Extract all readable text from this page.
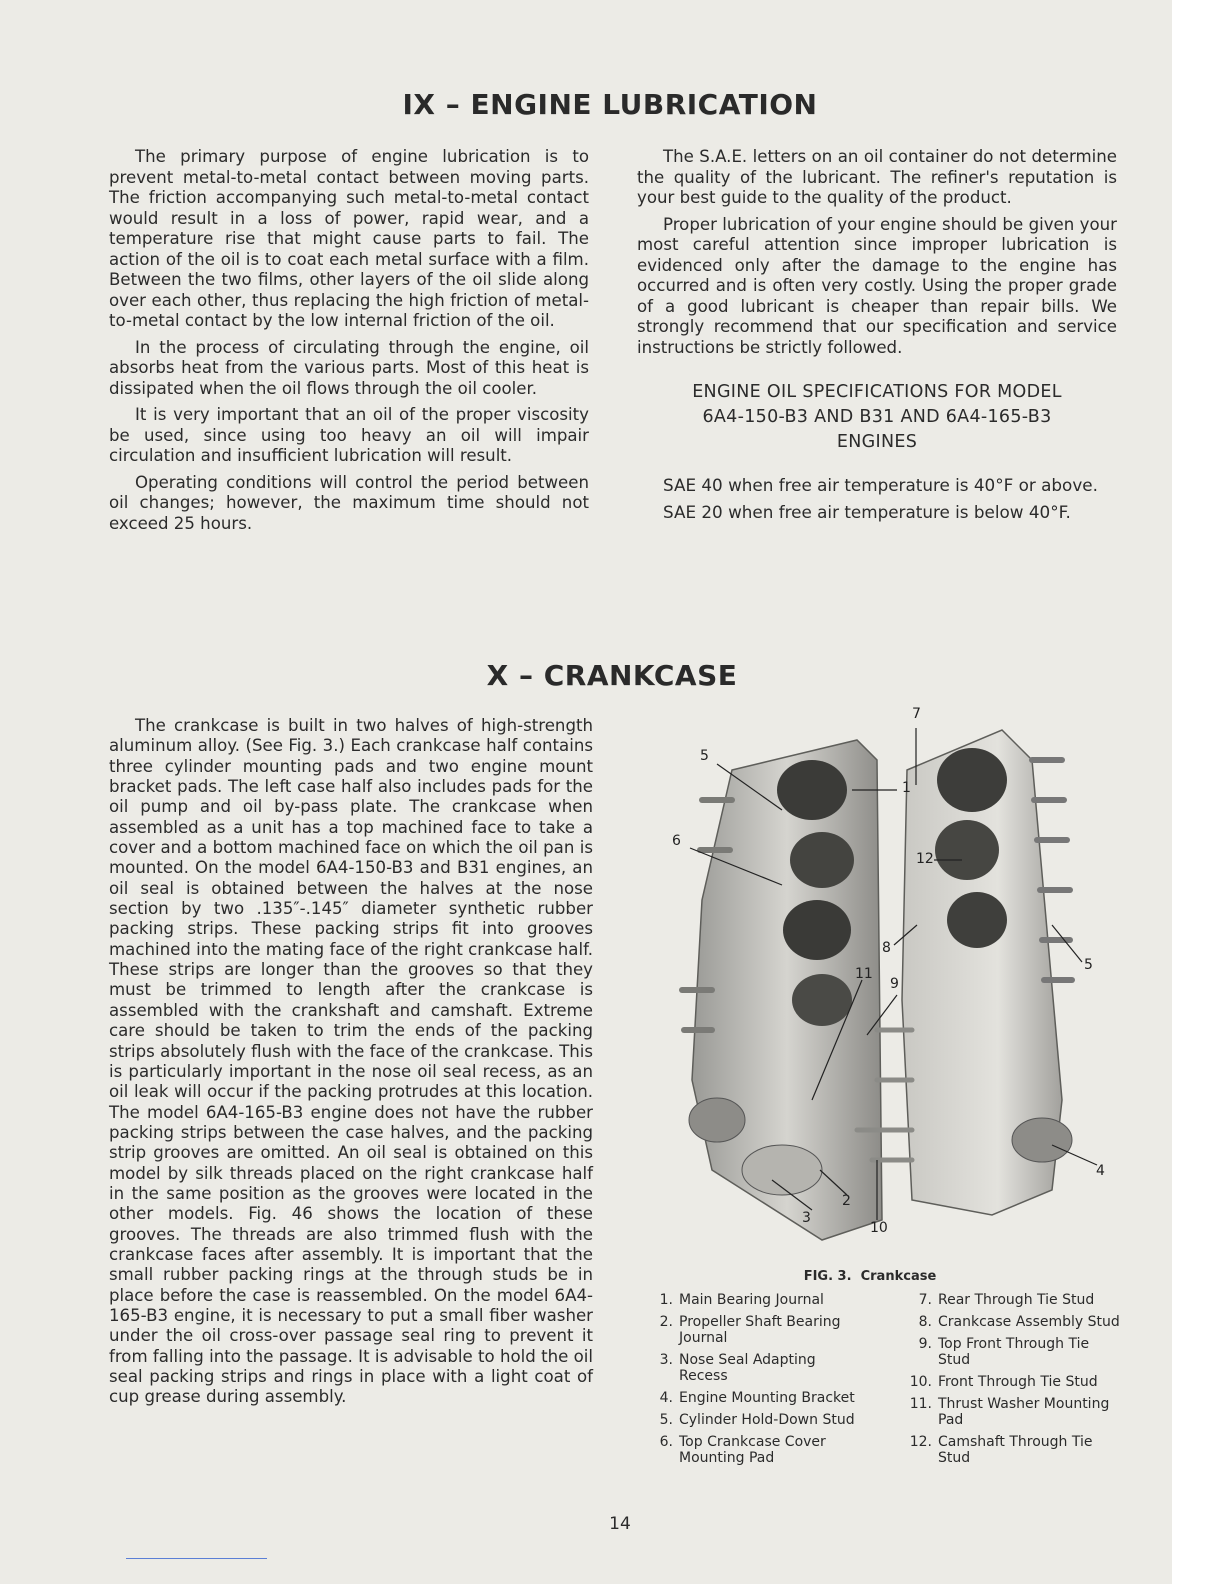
IX – ENGINE LUBRICATION

The primary purpose of engine lubrication is to prevent metal-to-metal contact between moving parts. The friction accompanying such metal-to-metal contact would result in a loss of power, rapid wear, and a temperature rise that might cause parts to fail. The action of the oil is to coat each metal surface with a film. Between the two films, other layers of the oil slide along over each other, thus replacing the high friction of metal-to-metal contact by the low internal friction of the oil.

In the process of circulating through the engine, oil absorbs heat from the various parts. Most of this heat is dissipated when the oil flows through the oil cooler.

It is very important that an oil of the proper viscosity be used, since using too heavy an oil will impair circulation and insufficient lubrication will result.

Operating conditions will control the period between oil changes; however, the maximum time should not exceed 25 hours.

The S.A.E. letters on an oil container do not determine the quality of the lubricant. The refiner's reputation is your best guide to the quality of the product.

Proper lubrication of your engine should be given your most careful attention since improper lubrication is evidenced only after the damage to the engine has occurred and is often very costly. Using the proper grade of a good lubricant is cheaper than repair bills. We strongly recommend that our specification and service instructions be strictly followed.

ENGINE OIL SPECIFICATIONS FOR MODEL
6A4-150-B3 AND B31 AND 6A4-165-B3
ENGINES

SAE 40 when free air temperature is 40°F or above.

SAE 20 when free air temperature is below 40°F.

X – CRANKCASE

The crankcase is built in two halves of high-strength aluminum alloy. (See Fig. 3.) Each crankcase half contains three cylinder mounting pads and two engine mount bracket pads. The left case half also includes pads for the oil pump and oil by-pass plate. The crankcase when assembled as a unit has a top machined face to take a cover and a bottom machined face on which the oil pan is mounted. On the model 6A4-150-B3 and B31 engines, an oil seal is obtained between the halves at the nose section by two .135″-.145″ diameter synthetic rubber packing strips. These packing strips fit into grooves machined into the mating face of the right crankcase half. These strips are longer than the grooves so that they must be trimmed to length after the crankcase is assembled with the crankshaft and camshaft. Extreme care should be taken to trim the ends of the packing strips absolutely flush with the face of the crankcase. This is particularly important in the nose oil seal recess, as an oil leak will occur if the packing protrudes at this location. The model 6A4-165-B3 engine does not have the rubber packing strips between the case halves, and the packing strip grooves are omitted. An oil seal is obtained on this model by silk threads placed on the right crankcase half in the same position as the grooves were located in the other models. Fig. 46 shows the location of these grooves. The threads are also trimmed flush with the crankcase faces after assembly. It is important that the small rubber packing rings at the through studs be in place before the case is reassembled. On the model 6A4-165-B3 engine, it is necessary to put a small fiber washer under the oil cross-over passage seal ring to prevent it from falling into the passage. It is advisable to hold the oil seal packing strips and rings in place with a light coat of cup grease during assembly.

7
5
1
6
12
8
5
11
9
4
2
3
10
FIG. 3. Crankcase
1. Main Bearing Journal
2. Propeller Shaft Bearing Journal
3. Nose Seal Adapting Recess
4. Engine Mounting Bracket
5. Cylinder Hold-Down Stud
6. Top Crankcase Cover Mounting Pad
7. Rear Through Tie Stud
8. Crankcase Assembly Stud
9. Top Front Through Tie Stud
10. Front Through Tie Stud
11. Thrust Washer Mounting Pad
12. Camshaft Through Tie Stud
14
